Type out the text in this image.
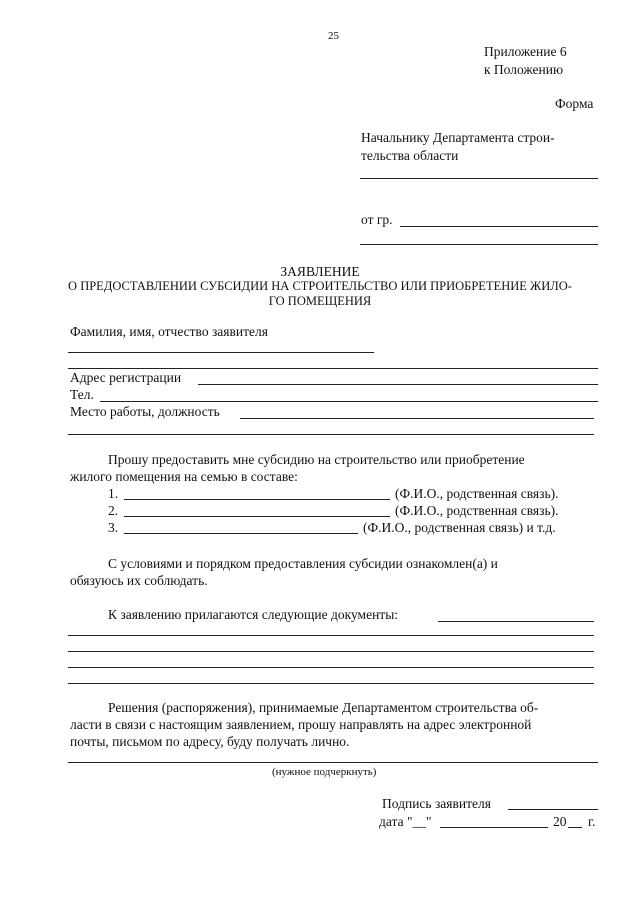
25
Приложение 6
к Положению
Форма
Начальнику Департамента строи-
тельства области
от гр.
ЗАЯВЛЕНИЕ
О ПРЕДОСТАВЛЕНИИ СУБСИДИИ НА СТРОИТЕЛЬСТВО ИЛИ ПРИОБРЕТЕНИЕ ЖИЛО-
ГО ПОМЕЩЕНИЯ
Фамилия, имя, отчество заявителя
Адрес регистрации
Тел.
Место работы, должность
Прошу предоставить мне субсидию на строительство или приобретение
жилого помещения на семью в составе:
1.	(Ф.И.О., родственная связь).
2.	(Ф.И.О., родственная связь).
3.	(Ф.И.О., родственная связь) и т.д.
С условиями и порядком предоставления субсидии ознакомлен(а) и
обязуюсь их соблюдать.
К заявлению прилагаются следующие документы:
Решения (распоряжения), принимаемые Департаментом строительства об-
ласти в связи с настоящим заявлением, прошу направлять на адрес электронной
почты, письмом по адресу, буду получать лично.
(нужное подчеркнуть)
Подпись заявителя
дата "__"	20 г.
